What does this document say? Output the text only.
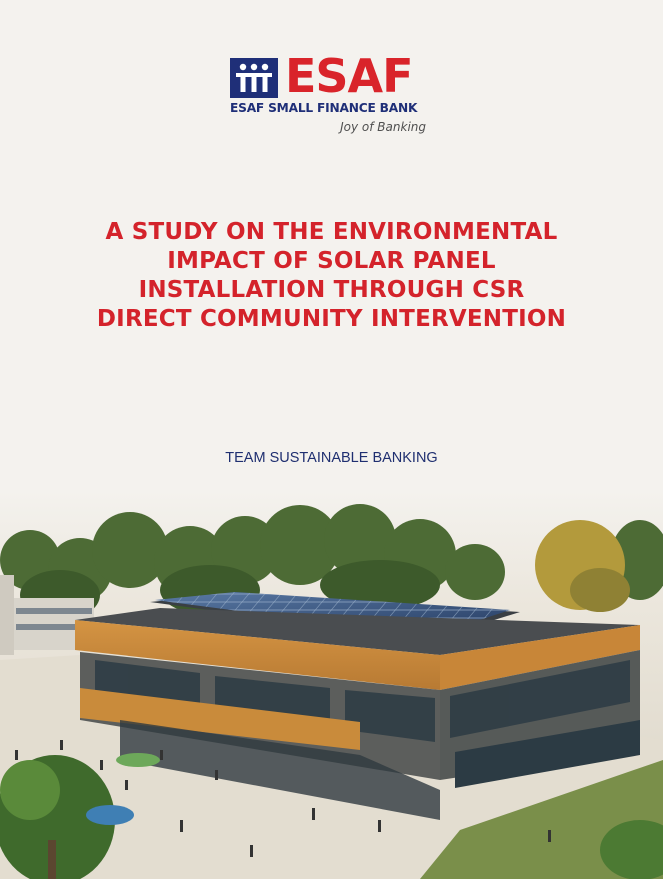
ESAF
ESAF SMALL FINANCE BANK
Joy of Banking
A STUDY ON THE ENVIRONMENTAL
IMPACT OF SOLAR PANEL
INSTALLATION THROUGH CSR
DIRECT COMMUNITY INTERVENTION
TEAM SUSTAINABLE BANKING
